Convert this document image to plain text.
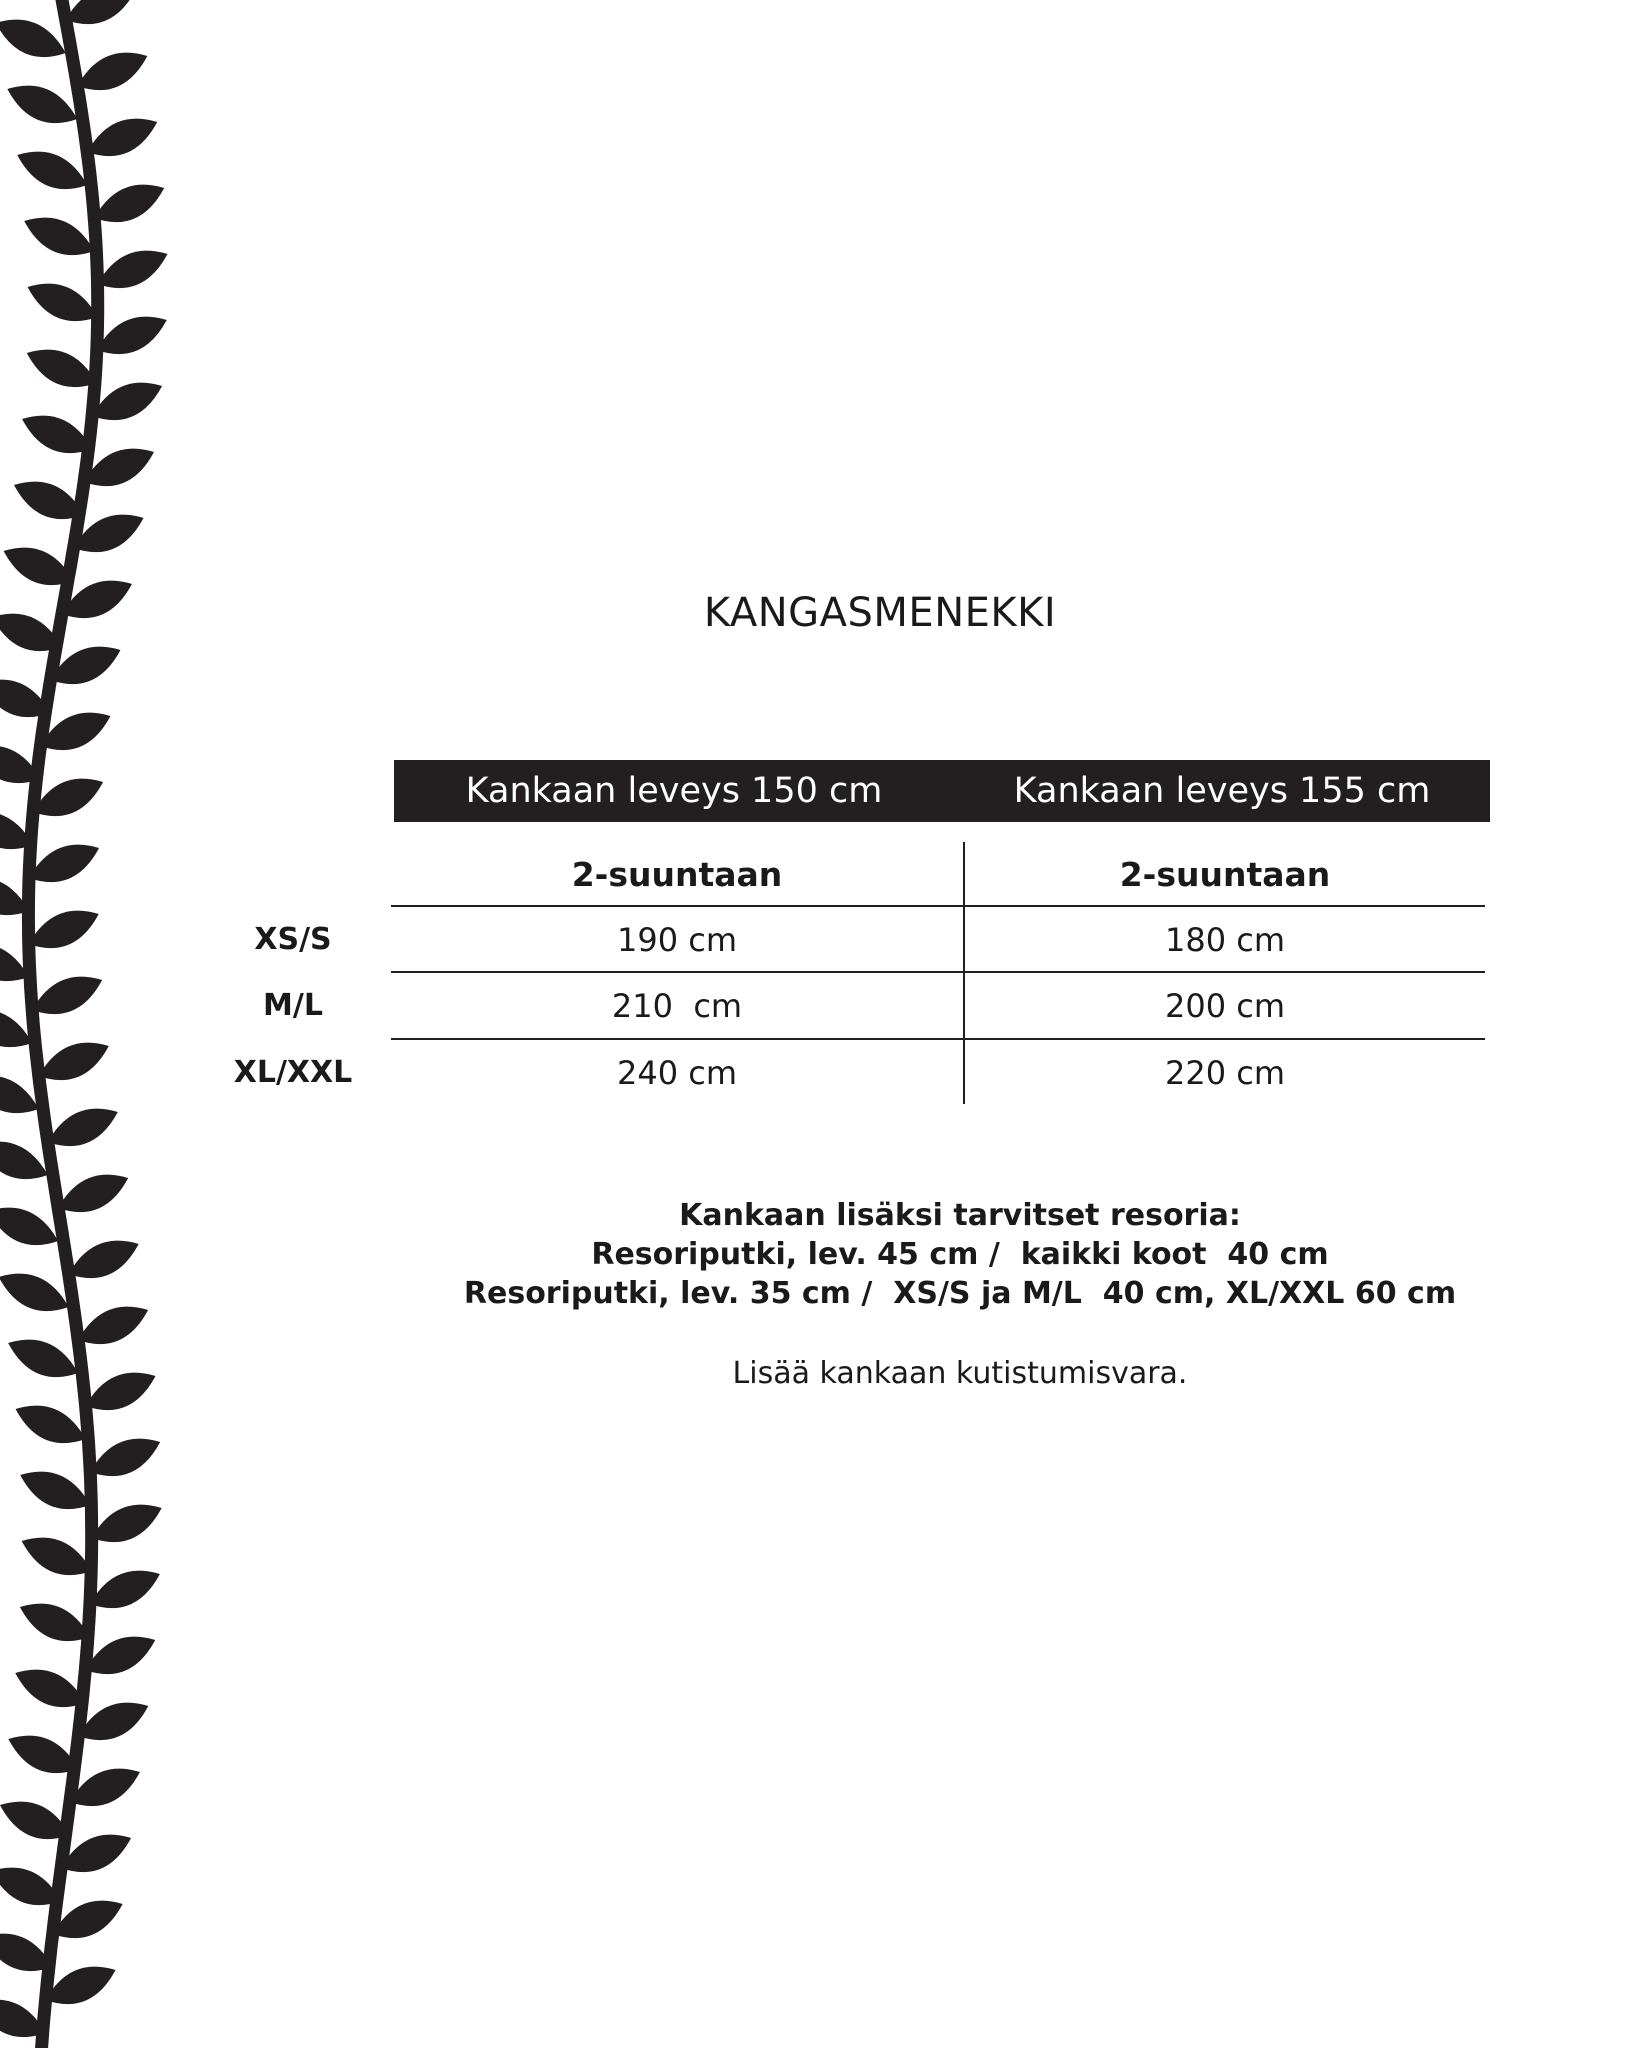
KANGASMENEKKI
Kankaan leveys 150 cm	Kankaan leveys 155 cm
2-suuntaan	2-suuntaan
XS/S	190 cm	180 cm
M/L	210  cm	200 cm
XL/XXL	240 cm	220 cm
Kankaan lisäksi tarvitset resoria:
Resoriputki, lev. 45 cm /  kaikki koot  40 cm
Resoriputki, lev. 35 cm /  XS/S ja M/L  40 cm, XL/XXL 60 cm
Lisää kankaan kutistumisvara.
